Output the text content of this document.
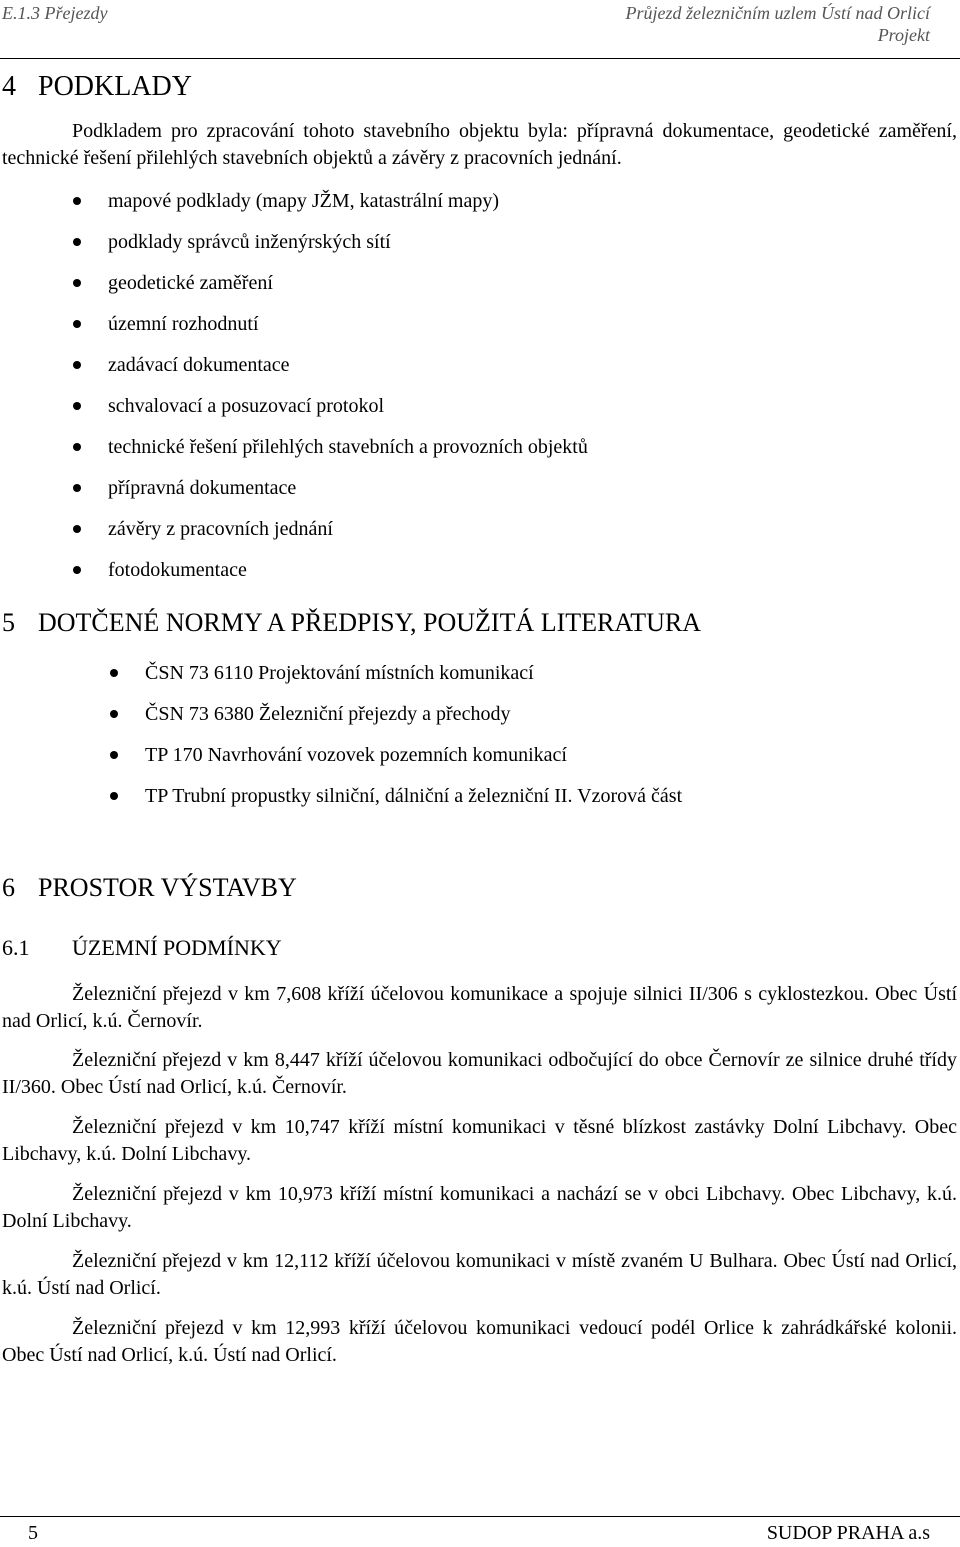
E.1.3 Přejezdy	Průjezd železničním uzlem Ústí nad Orlicí
Projekt
4 PODKLADY
Podkladem pro zpracování tohoto stavebního objektu byla: přípravná dokumentace, geodetické zaměření, technické řešení přilehlých stavebních objektů a závěry z pracovních jednání.
mapové podklady (mapy JŽM, katastrální mapy)
podklady správců inženýrských sítí
geodetické zaměření
územní rozhodnutí
zadávací dokumentace
schvalovací a posuzovací protokol
technické řešení přilehlých stavebních a provozních objektů
přípravná dokumentace
závěry z pracovních jednání
fotodokumentace
5 DOTČENÉ NORMY A PŘEDPISY, POUŽITÁ LITERATURA
ČSN 73 6110 Projektování místních komunikací
ČSN 73 6380 Železniční přejezdy a přechody
TP 170 Navrhování vozovek pozemních komunikací
TP Trubní propustky silniční, dálniční a železniční II. Vzorová část
6 PROSTOR VÝSTAVBY
6.1 ÚZEMNÍ PODMÍNKY
Železniční přejezd v km 7,608 kříží účelovou komunikace a spojuje silnici II/306 s cyklostezkou. Obec Ústí nad Orlicí, k.ú. Černovír.
Železniční přejezd v km 8,447 kříží účelovou komunikaci odbočující do obce Černovír ze silnice druhé třídy II/360. Obec Ústí nad Orlicí, k.ú. Černovír.
Železniční přejezd v km 10,747 kříží místní komunikaci v těsné blízkost zastávky Dolní Libchavy. Obec Libchavy, k.ú. Dolní Libchavy.
Železniční přejezd v km 10,973 kříží místní komunikaci a nachází se v obci Libchavy. Obec Libchavy, k.ú. Dolní Libchavy.
Železniční přejezd v km 12,112 kříží účelovou komunikaci v místě zvaném U Bulhara. Obec Ústí nad Orlicí, k.ú. Ústí nad Orlicí.
Železniční přejezd v km 12,993 kříží účelovou komunikaci vedoucí podél Orlice k zahrádkářské kolonii. Obec Ústí nad Orlicí, k.ú. Ústí nad Orlicí.
5	SUDOP PRAHA a.s
